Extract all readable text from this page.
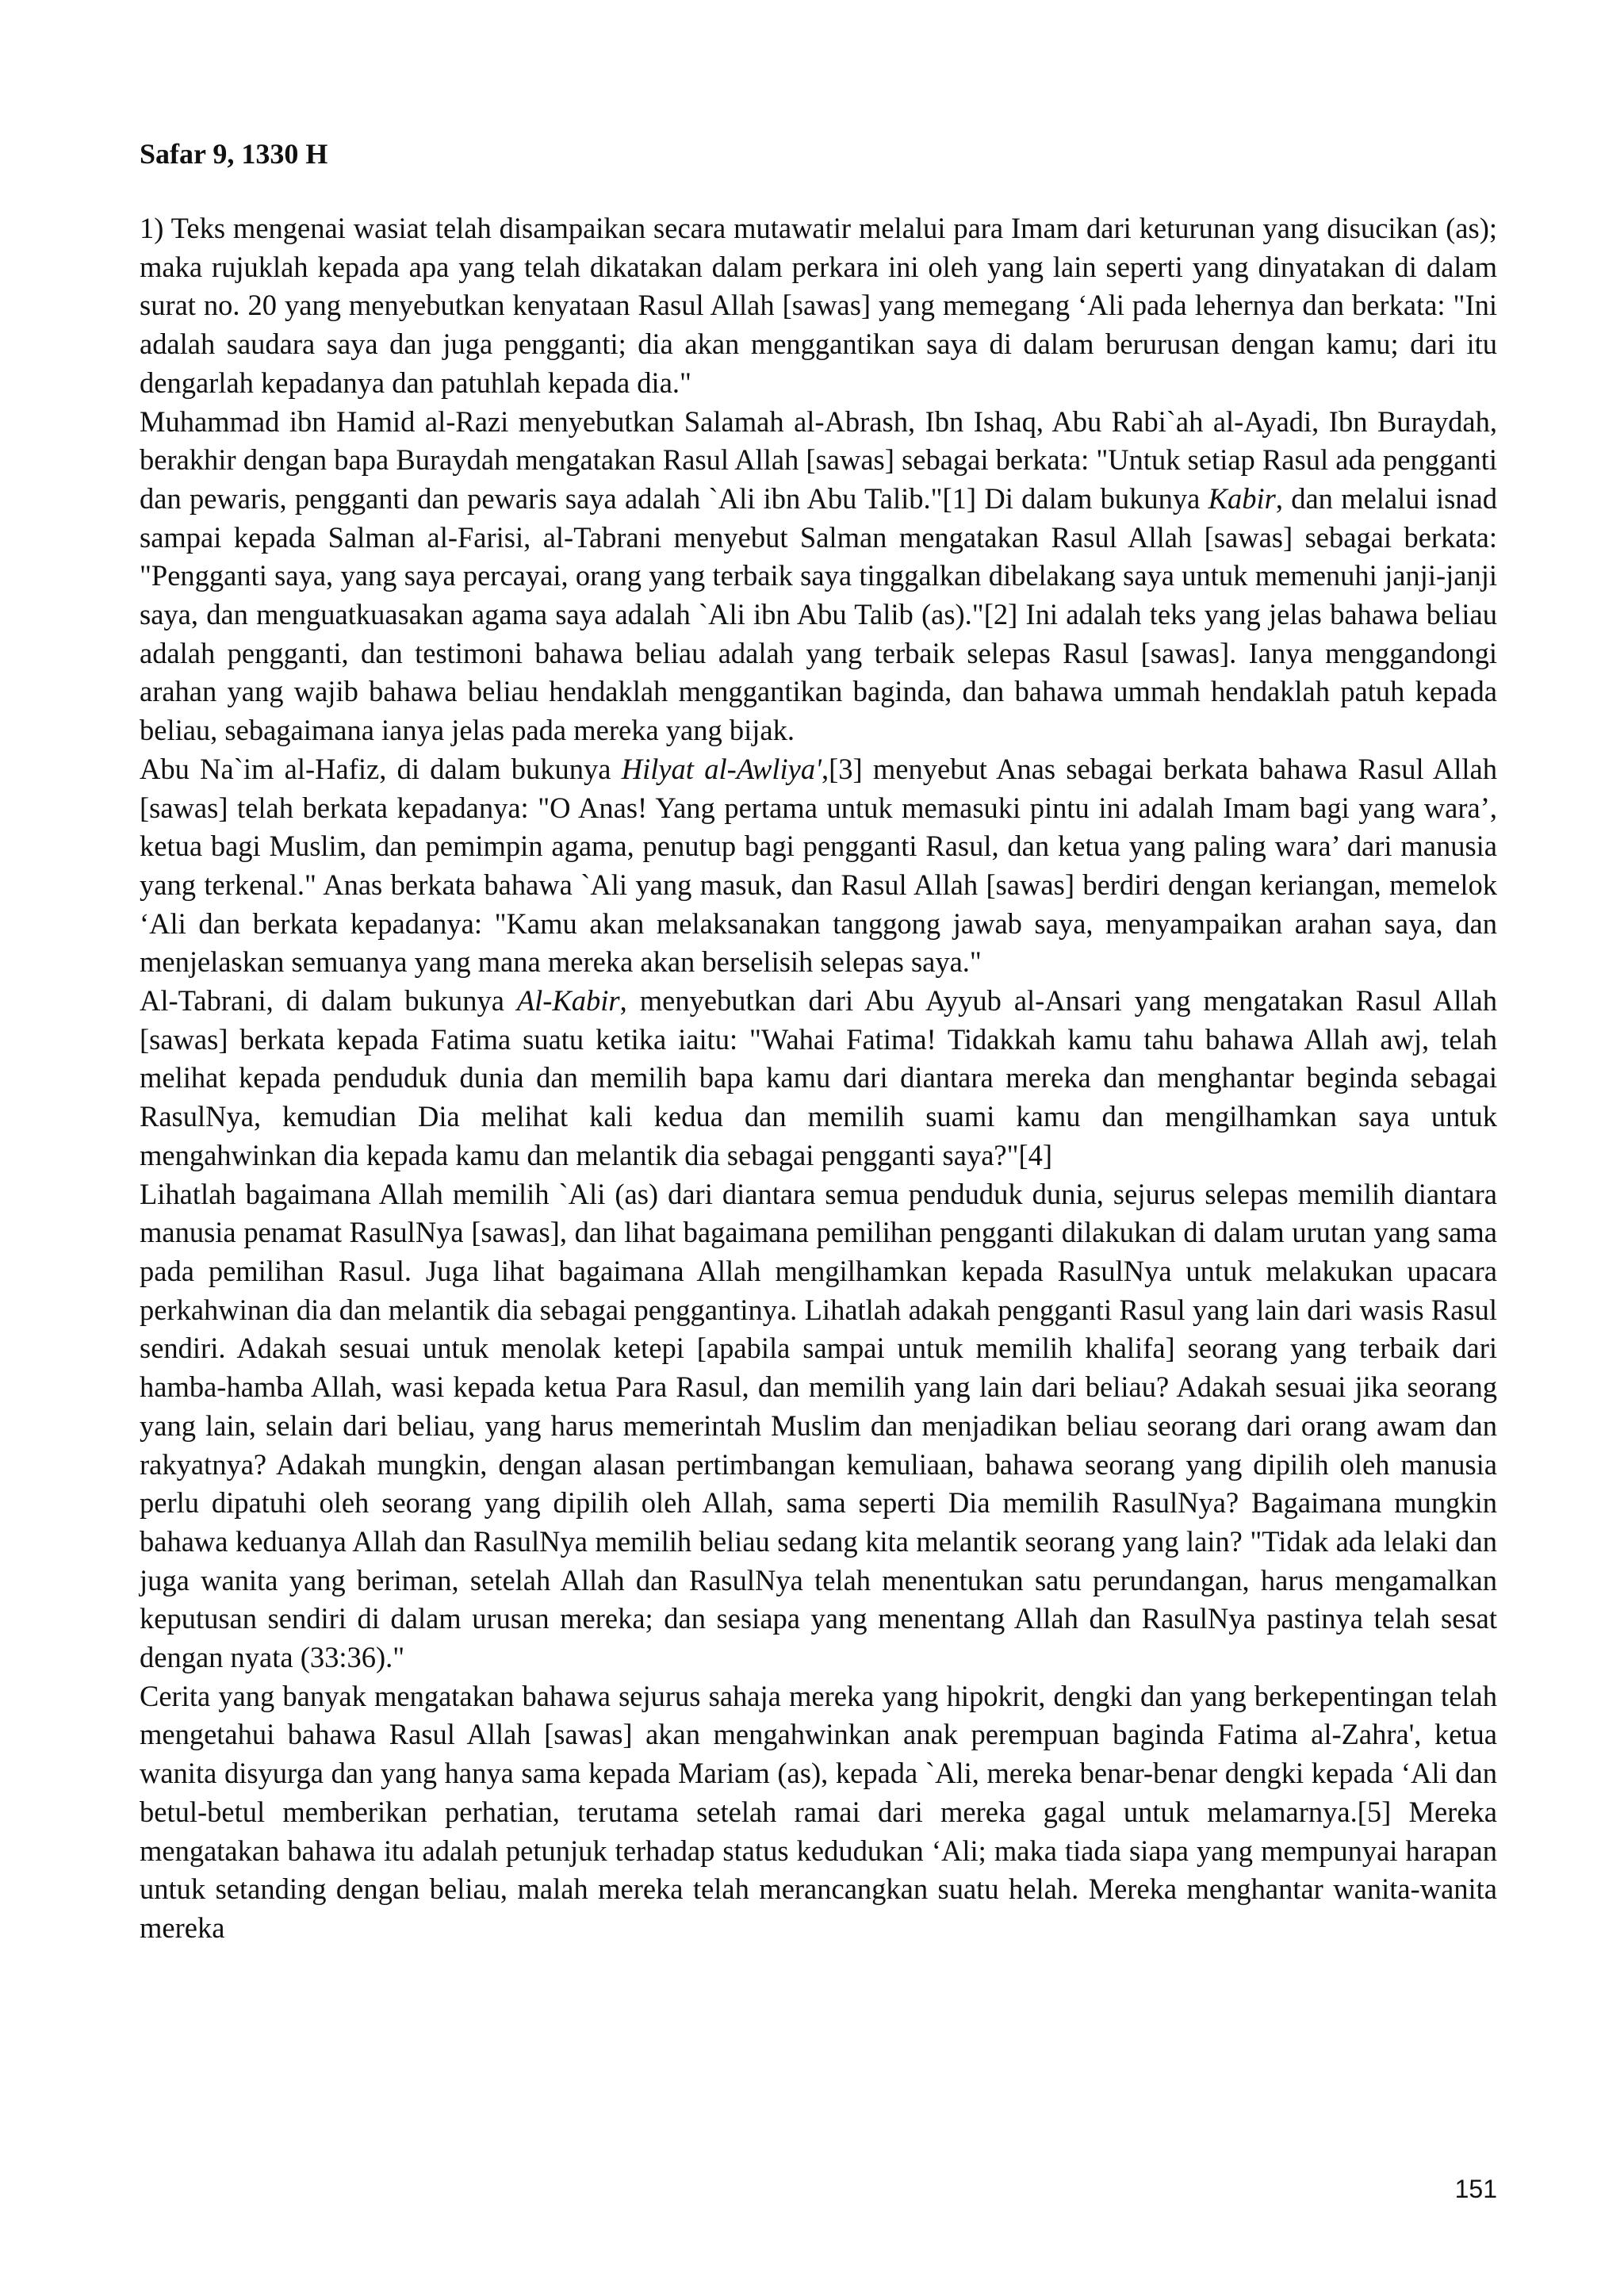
Safar 9, 1330 H

1) Teks mengenai wasiat telah disampaikan secara mutawatir melalui para Imam dari keturunan yang disucikan (as); maka rujuklah kepada apa yang telah dikatakan dalam perkara ini oleh yang lain seperti yang dinyatakan di dalam surat no. 20 yang menyebutkan kenyataan Rasul Allah [sawas] yang memegang ‘Ali pada lehernya dan berkata: "Ini adalah saudara saya dan juga pengganti; dia akan menggantikan saya di dalam berurusan dengan kamu; dari itu dengarlah kepadanya dan patuhlah kepada dia."

Muhammad ibn Hamid al-Razi menyebutkan Salamah al-Abrash, Ibn Ishaq, Abu Rabi`ah al-Ayadi, Ibn Buraydah, berakhir dengan bapa Buraydah mengatakan Rasul Allah [sawas] sebagai berkata: "Untuk setiap Rasul ada pengganti dan pewaris, pengganti dan pewaris saya adalah `Ali ibn Abu Talib."[1] Di dalam bukunya Kabir, dan melalui isnad sampai kepada Salman al-Farisi, al-Tabrani menyebut Salman mengatakan Rasul Allah [sawas] sebagai berkata: "Pengganti saya, yang saya percayai, orang yang terbaik saya tinggalkan dibelakang saya untuk memenuhi janji-janji saya, dan menguatkuasakan agama saya adalah `Ali ibn Abu Talib (as)."[2] Ini adalah teks yang jelas bahawa beliau adalah pengganti, dan testimoni bahawa beliau adalah yang terbaik selepas Rasul [sawas]. Ianya menggandongi arahan yang wajib bahawa beliau hendaklah menggantikan baginda, dan bahawa ummah hendaklah patuh kepada beliau, sebagaimana ianya jelas pada mereka yang bijak.

Abu Na`im al-Hafiz, di dalam bukunya Hilyat al-Awliya',[3] menyebut Anas sebagai berkata bahawa Rasul Allah [sawas] telah berkata kepadanya: "O Anas! Yang pertama untuk memasuki pintu ini adalah Imam bagi yang wara’, ketua bagi Muslim, dan pemimpin agama, penutup bagi pengganti Rasul, dan ketua yang paling wara’ dari manusia yang terkenal." Anas berkata bahawa `Ali yang masuk, dan Rasul Allah [sawas] berdiri dengan keriangan, memelok ‘Ali dan berkata kepadanya: "Kamu akan melaksanakan tanggong jawab saya, menyampaikan arahan saya, dan menjelaskan semuanya yang mana mereka akan berselisih selepas saya."

Al-Tabrani, di dalam bukunya Al-Kabir, menyebutkan dari Abu Ayyub al-Ansari yang mengatakan Rasul Allah [sawas] berkata kepada Fatima suatu ketika iaitu: "Wahai Fatima! Tidakkah kamu tahu bahawa Allah awj, telah melihat kepada penduduk dunia dan memilih bapa kamu dari diantara mereka dan menghantar beginda sebagai RasulNya, kemudian Dia melihat kali kedua dan memilih suami kamu dan mengilhamkan saya untuk mengahwinkan dia kepada kamu dan melantik dia sebagai pengganti saya?"[4]

Lihatlah bagaimana Allah memilih `Ali (as) dari diantara semua penduduk dunia, sejurus selepas memilih diantara manusia penamat RasulNya [sawas], dan lihat bagaimana pemilihan pengganti dilakukan di dalam urutan yang sama pada pemilihan Rasul. Juga lihat bagaimana Allah mengilhamkan kepada RasulNya untuk melakukan upacara perkahwinan dia dan melantik dia sebagai penggantinya. Lihatlah adakah pengganti Rasul yang lain dari wasis Rasul sendiri. Adakah sesuai untuk menolak ketepi [apabila sampai untuk memilih khalifa] seorang yang terbaik dari hamba-hamba Allah, wasi kepada ketua Para Rasul, dan memilih yang lain dari beliau? Adakah sesuai jika seorang yang lain, selain dari beliau, yang harus memerintah Muslim dan menjadikan beliau seorang dari orang awam dan rakyatnya? Adakah mungkin, dengan alasan pertimbangan kemuliaan, bahawa seorang yang dipilih oleh manusia perlu dipatuhi oleh seorang yang dipilih oleh Allah, sama seperti Dia memilih RasulNya? Bagaimana mungkin bahawa keduanya Allah dan RasulNya memilih beliau sedang kita melantik seorang yang lain? "Tidak ada lelaki dan juga wanita yang beriman, setelah Allah dan RasulNya telah menentukan satu perundangan, harus mengamalkan keputusan sendiri di dalam urusan mereka; dan sesiapa yang menentang Allah dan RasulNya pastinya telah sesat dengan nyata (33:36)."

Cerita yang banyak mengatakan bahawa sejurus sahaja mereka yang hipokrit, dengki dan yang berkepentingan telah mengetahui bahawa Rasul Allah [sawas] akan mengahwinkan anak perempuan baginda Fatima al-Zahra', ketua wanita disyurga dan yang hanya sama kepada Mariam (as), kepada `Ali, mereka benar-benar dengki kepada ‘Ali dan betul-betul memberikan perhatian, terutama setelah ramai dari mereka gagal untuk melamarnya.[5] Mereka mengatakan bahawa itu adalah petunjuk terhadap status kedudukan ‘Ali; maka tiada siapa yang mempunyai harapan untuk setanding dengan beliau, malah mereka telah merancangkan suatu helah. Mereka menghantar wanita-wanita mereka

151
